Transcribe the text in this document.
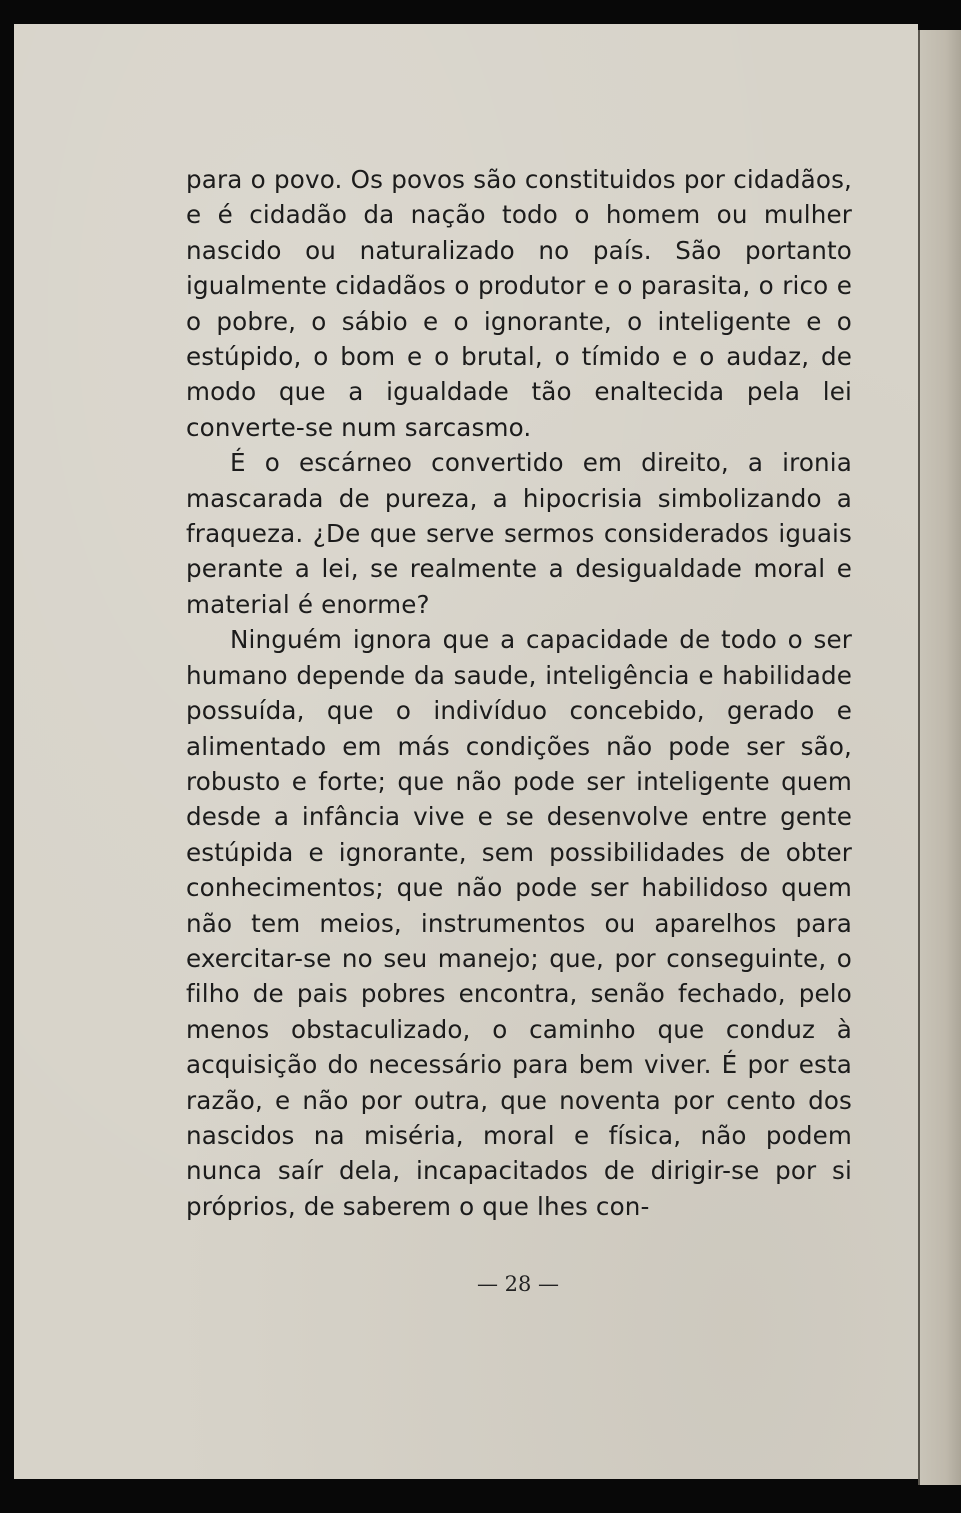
para o povo. Os povos são constituidos por cidadãos, e é cidadão da nação todo o homem ou mulher nascido ou naturalizado no país. São portanto igualmente cidadãos o produtor e o parasita, o rico e o pobre, o sábio e o ignorante, o inteligente e o estúpido, o bom e o brutal, o tímido e o audaz, de modo que a igualdade tão enaltecida pela lei converte-se num sarcasmo.

É o escárneo convertido em direito, a ironia mascarada de pureza, a hipocrisia simbolizando a fraqueza. ¿De que serve sermos considerados iguais perante a lei, se realmente a desigualdade moral e material é enorme?

Ninguém ignora que a capacidade de todo o ser humano depende da saude, inteligência e habilidade possuída, que o indivíduo concebido, gerado e alimentado em más condições não pode ser são, robusto e forte; que não pode ser inteligente quem desde a infância vive e se desenvolve entre gente estúpida e ignorante, sem possibilidades de obter conhecimentos; que não pode ser habilidoso quem não tem meios, instrumentos ou aparelhos para exercitar-se no seu manejo; que, por conseguinte, o filho de pais pobres encontra, senão fechado, pelo menos obstaculizado, o caminho que conduz à acquisição do necessário para bem viver. É por esta razão, e não por outra, que noventa por cento dos nascidos na miséria, moral e física, não podem nunca saír dela, incapacitados de dirigir-se por si próprios, de saberem o que lhes con-

— 28 —
